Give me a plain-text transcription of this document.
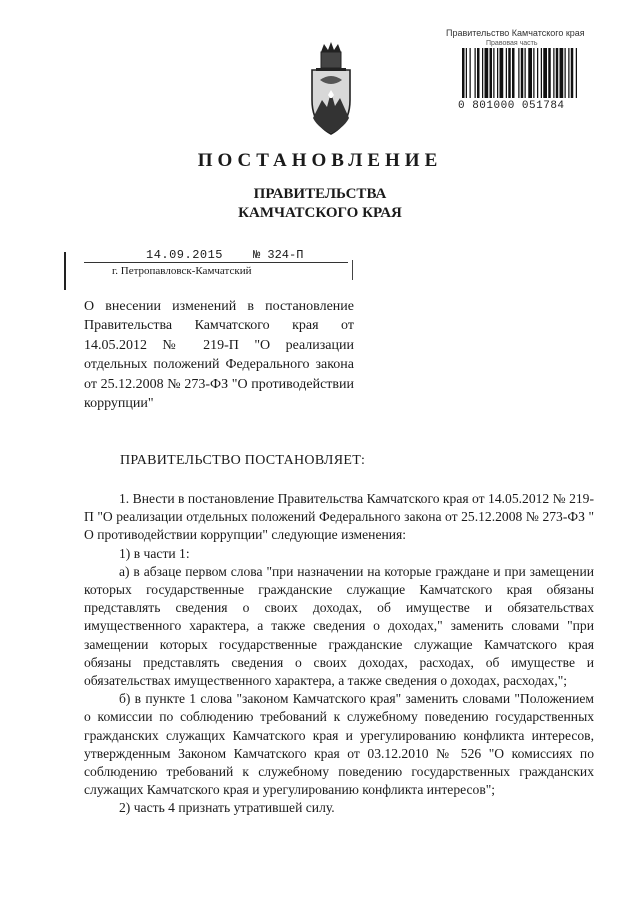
Правительство Камчатского края
Правовая часть
0 801000 051784
ПОСТАНОВЛЕНИЕ
ПРАВИТЕЛЬСТВА
КАМЧАТСКОГО КРАЯ
14.09.2015 № 324-П
г. Петропавловск-Камчатский
О внесении изменений в постановление Правительства Камчатского края от 14.05.2012 № 219-П "О реализации отдельных положений Федерального закона от 25.12.2008 № 273-ФЗ "О противодействии коррупции"
ПРАВИТЕЛЬСТВО ПОСТАНОВЛЯЕТ:

1. Внести в постановление Правительства Камчатского края от 14.05.2012 № 219-П "О реализации отдельных положений Федерального закона от 25.12.2008 № 273-ФЗ " О противодействии коррупции" следующие изменения:

1) в части 1:

а) в абзаце первом слова "при назначении на которые граждане и при замещении которых государственные гражданские служащие Камчатского края обязаны представлять сведения о своих доходах, об имуществе и обязательствах имущественного характера, а также сведения о доходах," заменить словами "при замещении которых государственные гражданские служащие Камчатского края обязаны представлять сведения о своих доходах, расходах, об имуществе и обязательствах имущественного характера, а также сведения о доходах, расходах,";

б) в пункте 1 слова "законом Камчатского края" заменить словами "Положением о комиссии по соблюдению требований к служебному поведению государственных гражданских служащих Камчатского края и урегулированию конфликта интересов, утвержденным Законом Камчатского края от 03.12.2010 № 526 "О комиссиях по соблюдению требований к служебному поведению государственных гражданских служащих Камчатского края и урегулированию конфликта интересов";

2) часть 4 признать утратившей силу.
